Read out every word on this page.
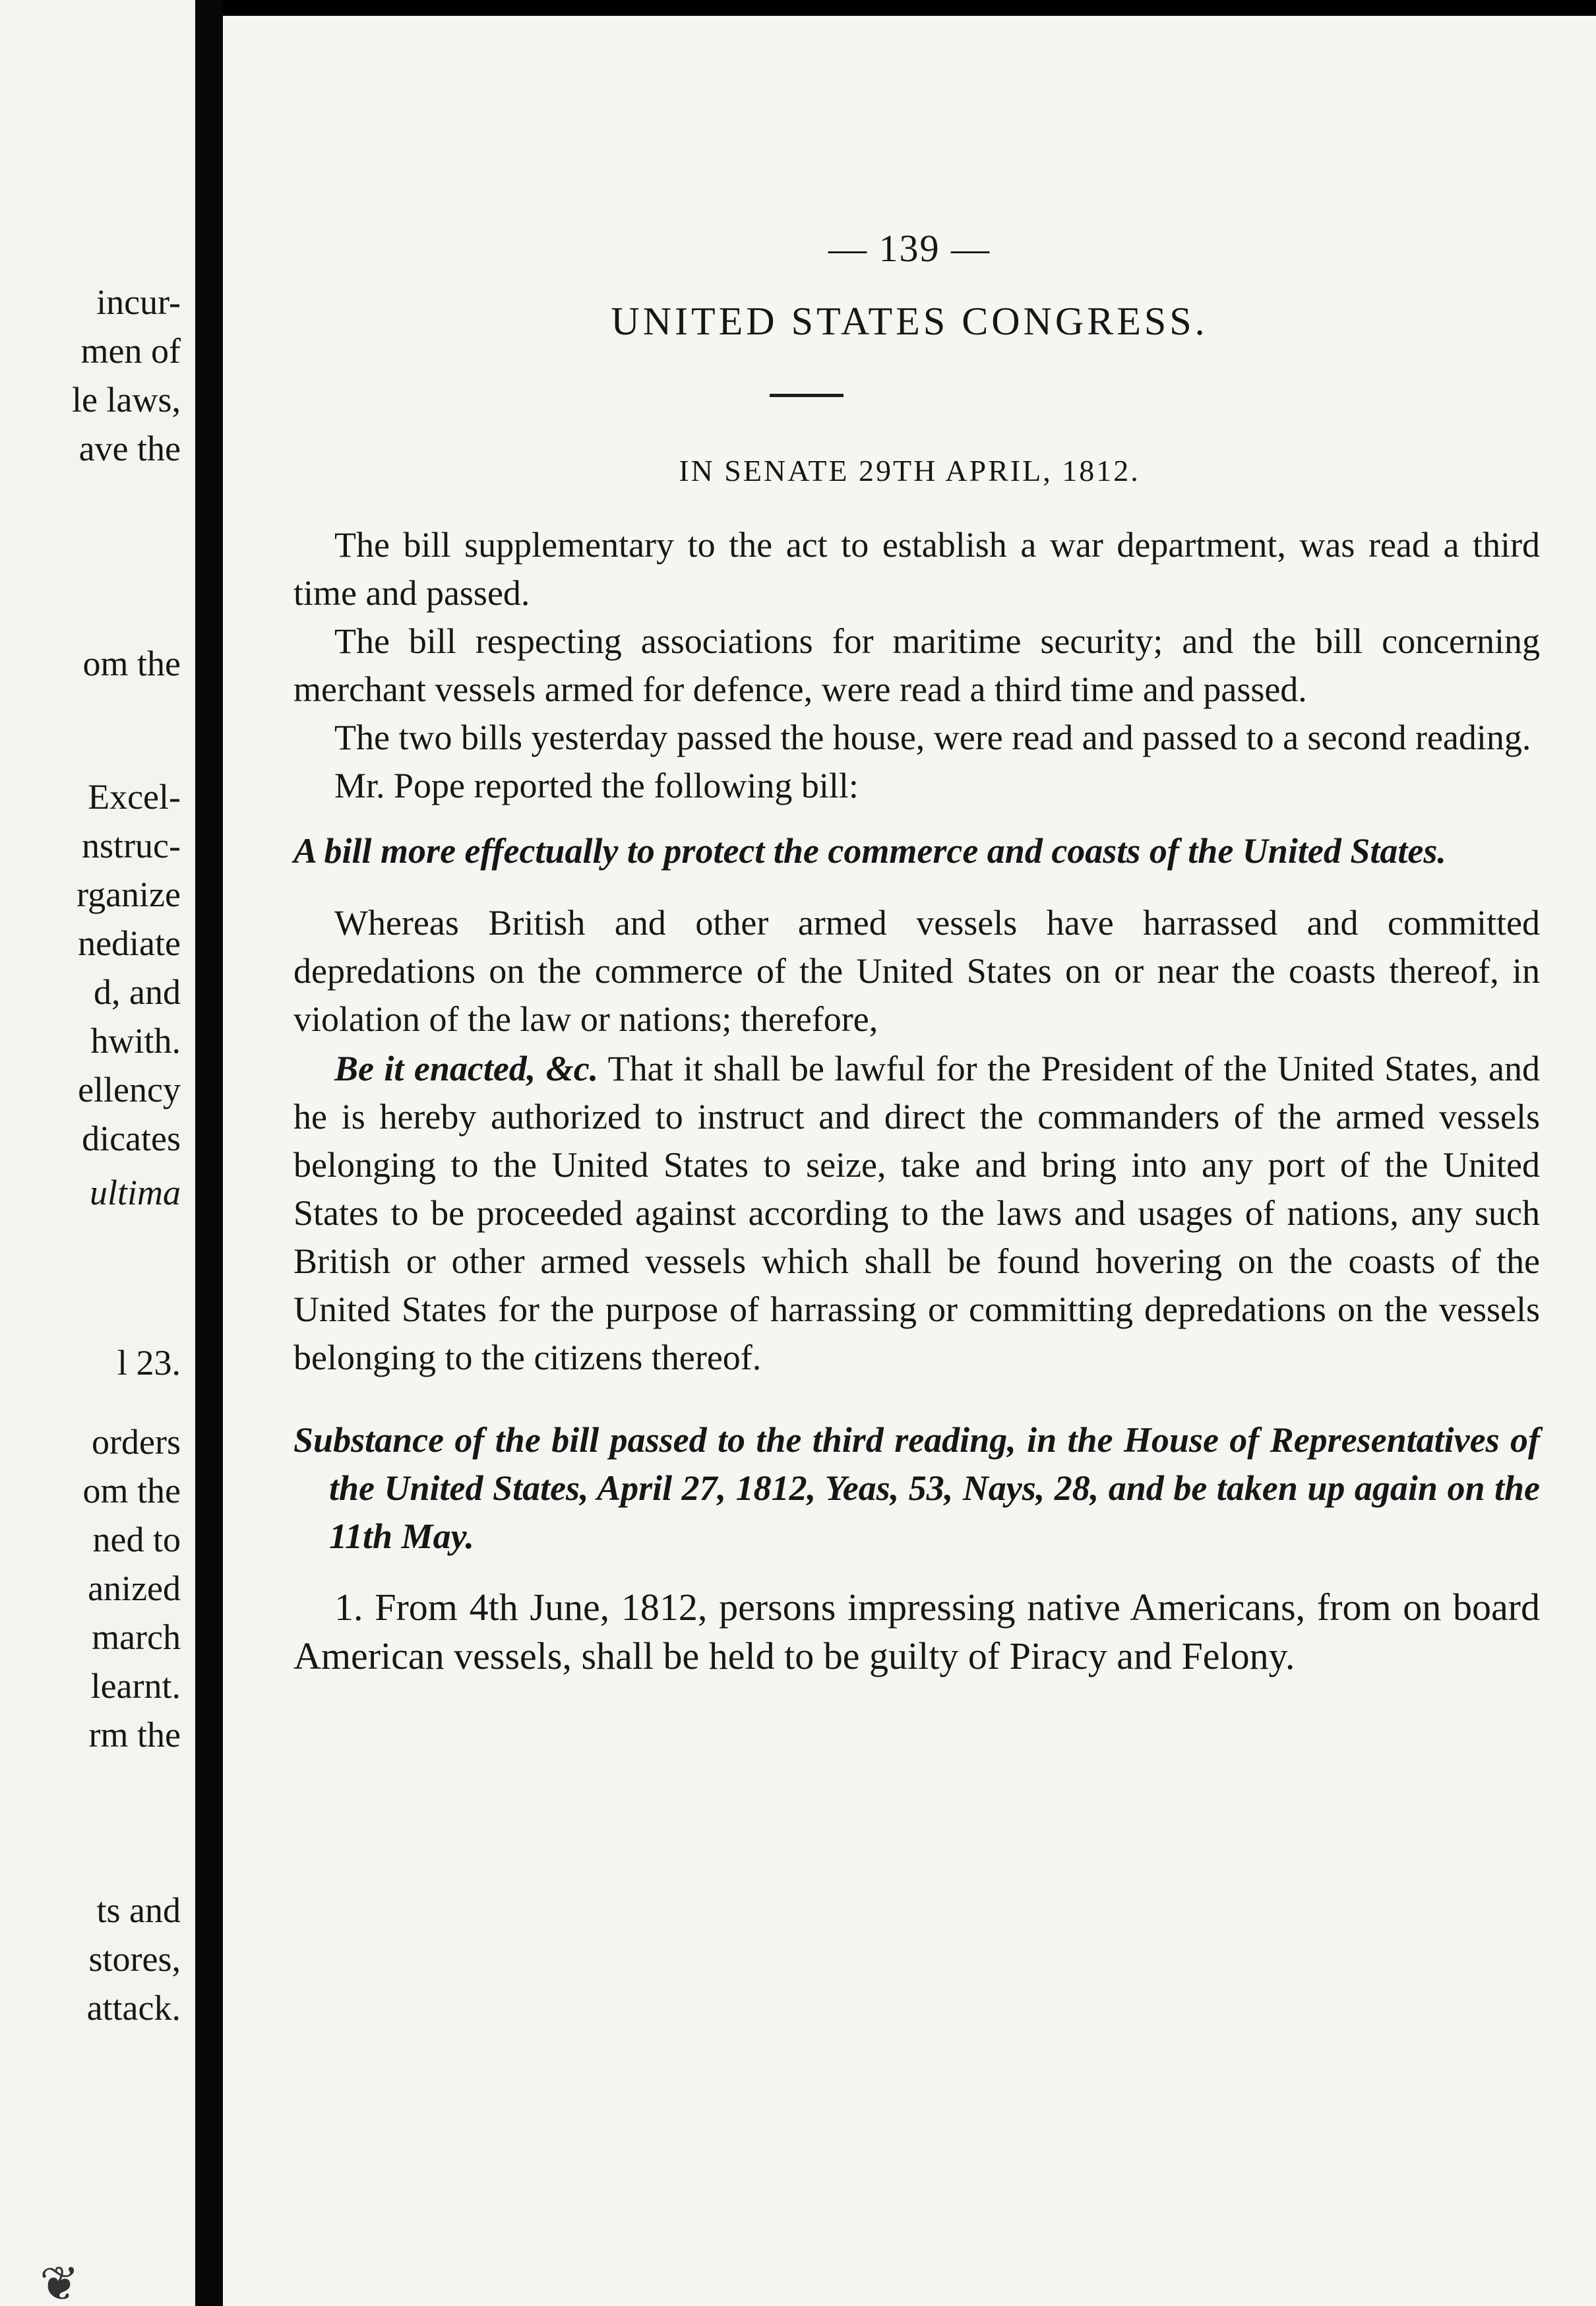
incur-
men of
le laws,
ave the
om the
Excel-
nstruc-
rganize
nediate
d, and
hwith.
ellency
dicates
ultima
l 23.
orders
om the
ned to
anized
march
learnt.
rm the
ts and
stores,
attack.
❦
— 139 —
UNITED STATES CONGRESS.
IN SENATE 29TH APRIL, 1812.

The bill supplementary to the act to establish a war department, was read a third time and passed.

The bill respecting associations for maritime security; and the bill concerning merchant vessels armed for defence, were read a third time and passed.

The two bills yesterday passed the house, were read and passed to a second reading.

Mr. Pope reported the following bill:

A bill more effectually to protect the commerce and coasts of the United States.

Whereas British and other armed vessels have harrassed and committed depredations on the commerce of the United States on or near the coasts thereof, in violation of the law or nations; therefore,

Be it enacted, &c. That it shall be lawful for the President of the United States, and he is hereby authorized to instruct and direct the commanders of the armed vessels belonging to the United States to seize, take and bring into any port of the United States to be proceeded against according to the laws and usages of nations, any such British or other armed vessels which shall be found hovering on the coasts of the United States for the purpose of harrassing or committing depredations on the vessels belonging to the citizens thereof.

Substance of the bill passed to the third reading, in the House of Representatives of the United States, April 27, 1812, Yeas, 53, Nays, 28, and be taken up again on the 11th May.

1. From 4th June, 1812, persons impressing native Americans, from on board American vessels, shall be held to be guilty of Piracy and Felony.
